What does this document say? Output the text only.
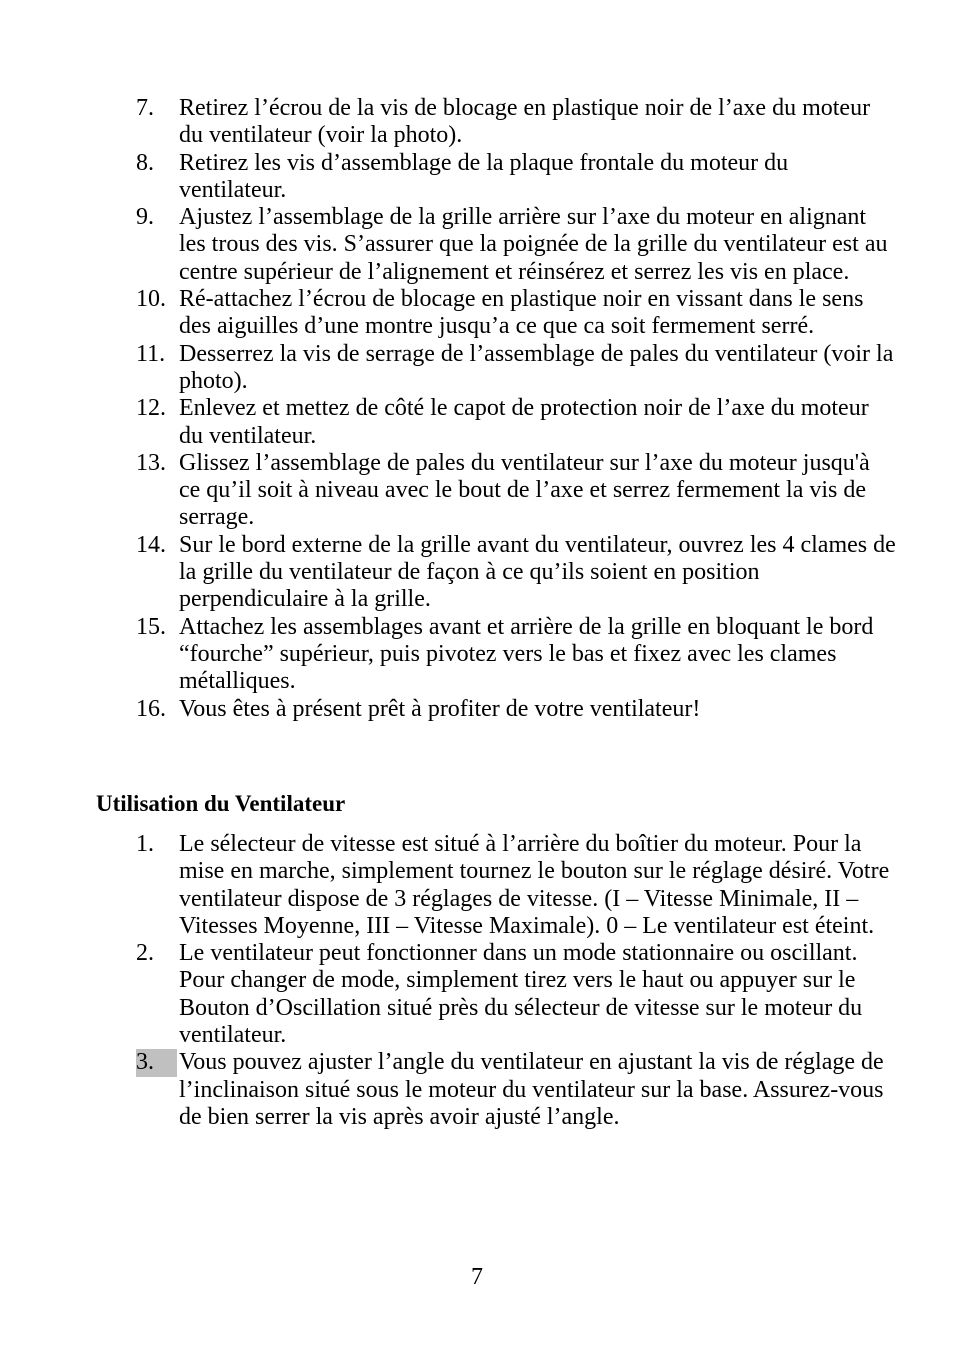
7.	Retirez l’écrou de la vis de blocage en plastique noir de l’axe du moteur du ventilateur (voir la photo).
8.	Retirez les vis d’assemblage de la plaque frontale du moteur du ventilateur.
9.	Ajustez l’assemblage de la grille arrière sur l’axe du moteur en alignant les trous des vis. S’assurer que la poignée de la grille du ventilateur est au centre supérieur de l’alignement et réinsérez et serrez les vis en place.
10. Ré-attachez l’écrou de blocage en plastique noir en vissant dans le sens des aiguilles d’une montre jusqu’a ce que ca soit fermement serré.
11. Desserrez la vis de serrage de l’assemblage de pales du ventilateur (voir la photo).
12. Enlevez et mettez de côté le capot de protection noir de l’axe du moteur du ventilateur.
13. Glissez l’assemblage de pales du ventilateur sur l’axe du moteur jusqu'à ce qu’il soit à niveau avec le bout de l’axe et serrez fermement la vis de serrage.
14. Sur le bord externe de la grille avant du ventilateur, ouvrez les 4 clames de la grille du ventilateur de façon à ce qu’ils soient en position perpendiculaire à la grille.
15. Attachez les assemblages avant et arrière de la grille en bloquant le bord “fourche” supérieur, puis pivotez vers le bas et fixez avec les clames métalliques.
16. Vous êtes à présent prêt à profiter de votre ventilateur!
Utilisation du Ventilateur
1.	Le sélecteur de vitesse est situé à l’arrière du boîtier du moteur. Pour la mise en marche, simplement tournez le bouton sur le réglage désiré. Votre ventilateur dispose de 3 réglages de vitesse. (I – Vitesse Minimale, II – Vitesses Moyenne, III – Vitesse Maximale). 0 – Le ventilateur est éteint.
2.	Le ventilateur peut fonctionner dans un mode stationnaire ou oscillant. Pour changer de mode, simplement tirez vers le haut ou appuyer sur le Bouton d’Oscillation situé près du sélecteur de vitesse sur le moteur du ventilateur.
3.	Vous pouvez ajuster l’angle du ventilateur en ajustant la vis de réglage de l’inclinaison situé sous le moteur du ventilateur sur la base. Assurez-vous de bien serrer la vis après avoir ajusté l’angle.
7
